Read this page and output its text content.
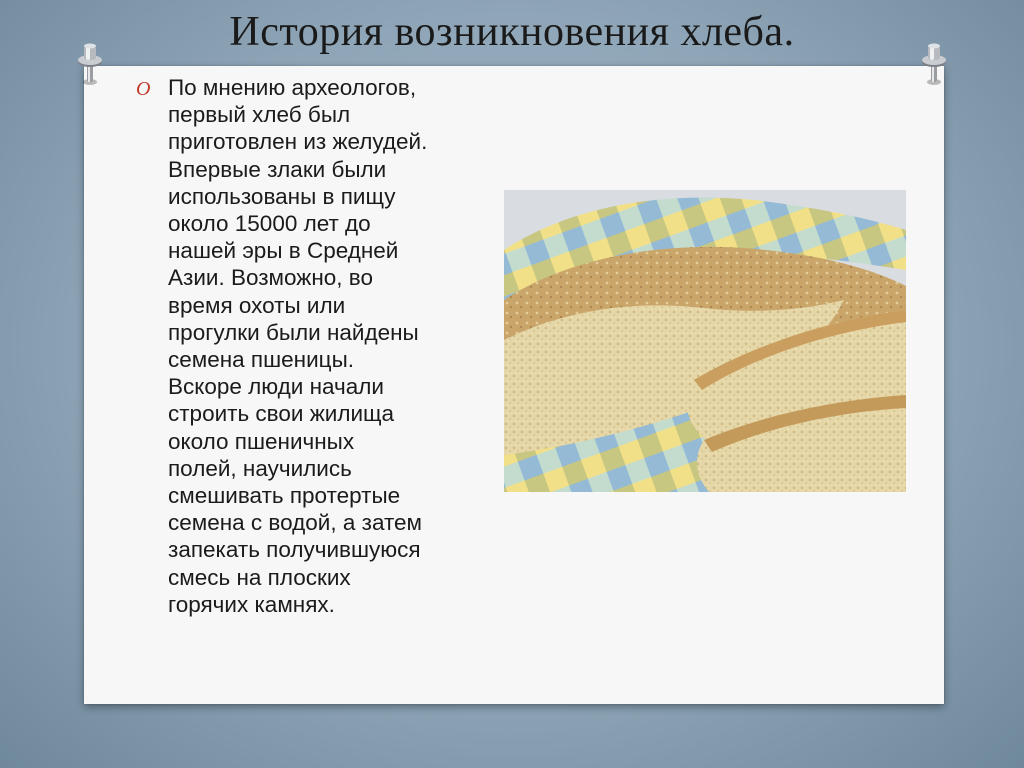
История возникновения хлеба.
O По мнению археологов,
первый хлеб был
приготовлен из желудей.
Впервые злаки были
использованы в пищу
около 15000 лет до
нашей эры в Средней
Азии. Возможно, во
время охоты или
прогулки были найдены
семена пшеницы.
Вскоре люди начали
строить свои жилища
около пшеничных
полей, научились
смешивать протертые
семена с водой, а затем
запекать получившуюся
смесь на плоских
горячих камнях.
